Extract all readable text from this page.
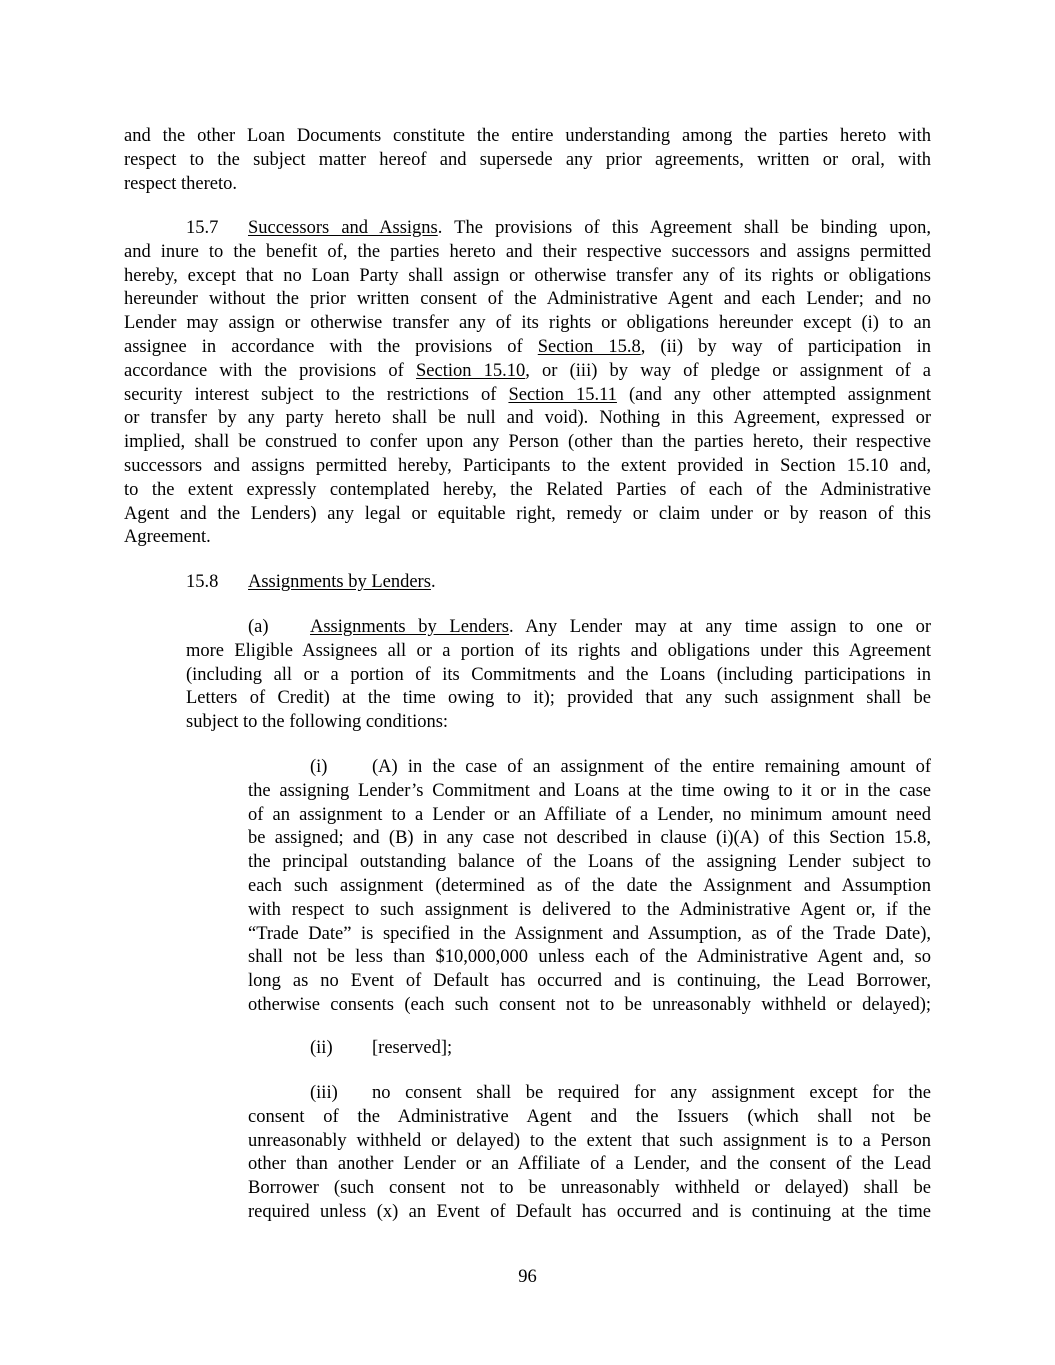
and the other Loan Documents constitute the entire understanding among the parties hereto with
respect to the subject matter hereof and supersede any prior agreements, written or oral, with
respect thereto.
15.7 Successors and Assigns. The provisions of this Agreement shall be binding upon,
and inure to the benefit of, the parties hereto and their respective successors and assigns permitted
hereby, except that no Loan Party shall assign or otherwise transfer any of its rights or obligations
hereunder without the prior written consent of the Administrative Agent and each Lender; and no
Lender may assign or otherwise transfer any of its rights or obligations hereunder except (i) to an
assignee in accordance with the provisions of Section 15.8, (ii) by way of participation in
accordance with the provisions of Section 15.10, or (iii) by way of pledge or assignment of a
security interest subject to the restrictions of Section 15.11 (and any other attempted assignment
or transfer by any party hereto shall be null and void). Nothing in this Agreement, expressed or
implied, shall be construed to confer upon any Person (other than the parties hereto, their respective
successors and assigns permitted hereby, Participants to the extent provided in Section 15.10 and,
to the extent expressly contemplated hereby, the Related Parties of each of the Administrative
Agent and the Lenders) any legal or equitable right, remedy or claim under or by reason of this
Agreement.
15.8 Assignments by Lenders.
(a) Assignments by Lenders. Any Lender may at any time assign to one or
more Eligible Assignees all or a portion of its rights and obligations under this Agreement
(including all or a portion of its Commitments and the Loans (including participations in
Letters of Credit) at the time owing to it); provided that any such assignment shall be
subject to the following conditions:
(i) (A) in the case of an assignment of the entire remaining amount of
the assigning Lender’s Commitment and Loans at the time owing to it or in the case
of an assignment to a Lender or an Affiliate of a Lender, no minimum amount need
be assigned; and (B) in any case not described in clause (i)(A) of this Section 15.8,
the principal outstanding balance of the Loans of the assigning Lender subject to
each such assignment (determined as of the date the Assignment and Assumption
with respect to such assignment is delivered to the Administrative Agent or, if the
“Trade Date” is specified in the Assignment and Assumption, as of the Trade Date),
shall not be less than $10,000,000 unless each of the Administrative Agent and, so
long as no Event of Default has occurred and is continuing, the Lead Borrower,
otherwise consents (each such consent not to be unreasonably withheld or delayed);
(ii) [reserved];
(iii) no consent shall be required for any assignment except for the
consent of the Administrative Agent and the Issuers (which shall not be
unreasonably withheld or delayed) to the extent that such assignment is to a Person
other than another Lender or an Affiliate of a Lender, and the consent of the Lead
Borrower (such consent not to be unreasonably withheld or delayed) shall be
required unless (x) an Event of Default has occurred and is continuing at the time
96
